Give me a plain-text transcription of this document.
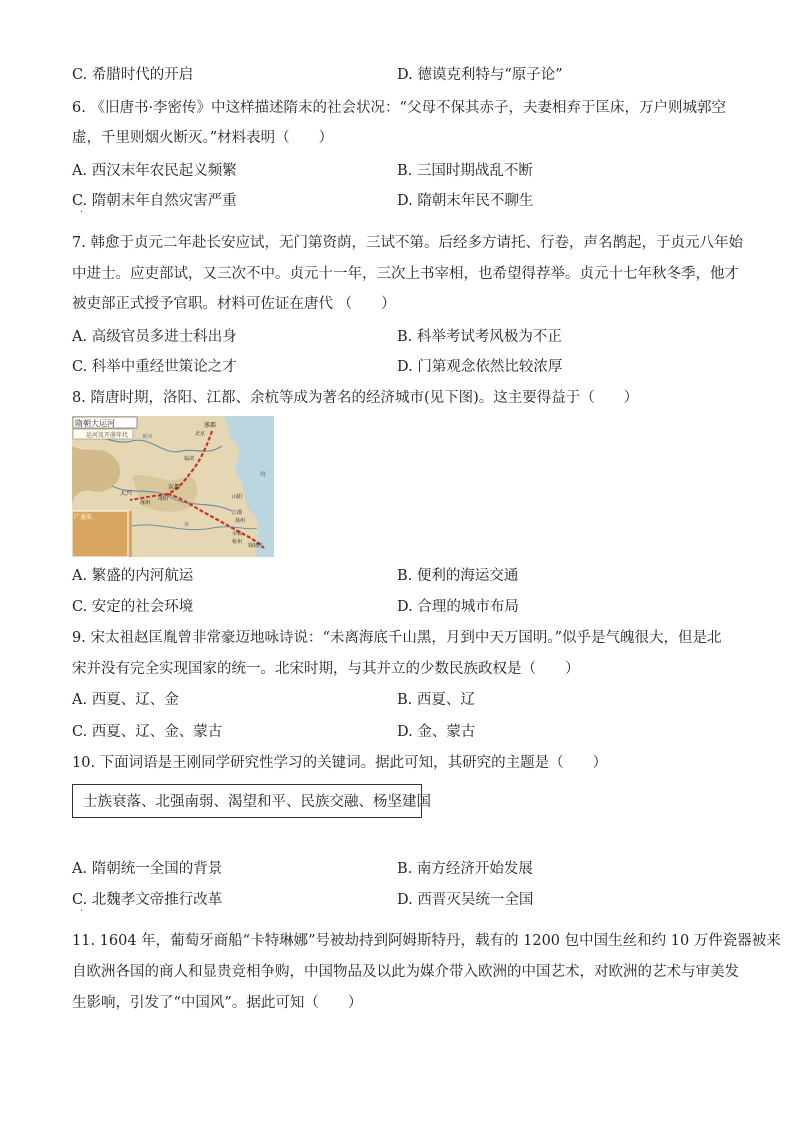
C. 希腊时代的开启	D. 德谟克利特与“原子论”
6. 《旧唐书·李密传》中这样描述隋末的社会状况：“父母不保其赤子，夫妻相弃于匡床，万户则城郭空
虚，千里则烟火断灭。”材料表明（　　）
A. 西汉末年农民起义频繁	B. 三国时期战乱不断
C. 隋朝末年自然灾害严重	D. 隋朝末年民不聊生
·
7. 韩愈于贞元二年赴长安应试，无门第资荫，三试不第。后经多方请托、行卷，声名鹊起，于贞元八年始
中进士。应吏部试，又三次不中。贞元十一年，三次上书宰相，也希望得荐举。贞元十七年秋冬季，他才
被吏部正式授予官职。材料可佐证在唐代 （　　）
A. 高级官员多进士科出身	B. 科举考试考风极为不正
C. 科举中重经世策论之才	D. 门第观念依然比较浓厚
8. 隋唐时期，洛阳、江都、余杭等成为著名的经济城市(见下图)。这主要得益于（　　）
隋朝大运河
运河及开凿年代
广通渠
涿郡
北京
临清
东都
大兴
洛阳
涿州
山阳
江都
扬州
余杭
杭州
钱塘江
海
黄河
淮
A. 繁盛的内河航运	B. 便利的海运交通
C. 安定的社会环境	D. 合理的城市布局
9. 宋太祖赵匡胤曾非常豪迈地咏诗说：“未离海底千山黑，月到中天万国明。”似乎是气魄很大，但是北
宋并没有完全实现国家的统一。北宋时期，与其并立的少数民族政权是（　　）
A. 西夏、辽、金	B. 西夏、辽
C. 西夏、辽、金、蒙古	D. 金、蒙古
10. 下面词语是王刚同学研究性学习的关键词。据此可知，其研究的主题是（　　）
士族衰落、北强南弱、渴望和平、民族交融、杨坚建国
A. 隋朝统一全国的背景	B. 南方经济开始发展
C. 北魏孝文帝推行改革	D. 西晋灭吴统一全国
·
11. 1604 年，葡萄牙商船“卡特琳娜”号被劫持到阿姆斯特丹，载有的 1200 包中国生丝和约 10 万件瓷器被来
自欧洲各国的商人和显贵竞相争购，中国物品及以此为媒介带入欧洲的中国艺术，对欧洲的艺术与审美发
生影响，引发了“中国风”。据此可知（　　）
